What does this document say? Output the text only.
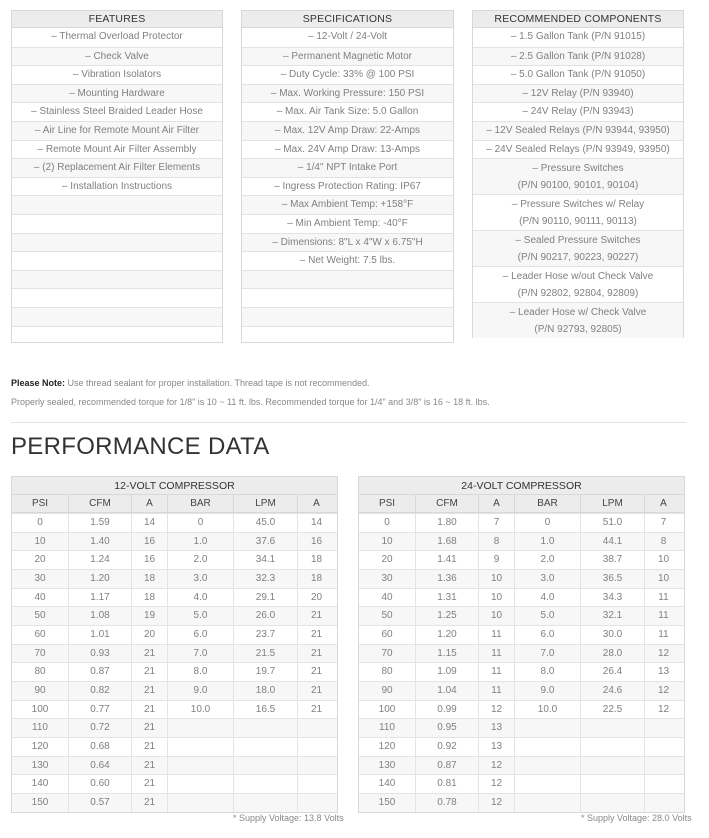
FEATURES
– Thermal Overload Protector
– Check Valve
– Vibration Isolators
– Mounting Hardware
– Stainless Steel Braided Leader Hose
– Air Line for Remote Mount Air Filter
– Remote Mount Air Filter Assembly
– (2) Replacement Air Filter Elements
– Installation Instructions
SPECIFICATIONS
– 12-Volt / 24-Volt
– Permanent Magnetic Motor
– Duty Cycle: 33% @ 100 PSI
– Max. Working Pressure: 150 PSI
– Max. Air Tank Size: 5.0 Gallon
– Max. 12V Amp Draw: 22-Amps
– Max. 24V Amp Draw: 13-Amps
– 1/4" NPT Intake Port
– Ingress Protection Rating: IP67
– Max Ambient Temp: +158°F
– Min Ambient Temp: -40°F
– Dimensions: 8"L x 4"W x 6.75"H
– Net Weight: 7.5 lbs.
RECOMMENDED COMPONENTS
– 1.5 Gallon Tank (P/N 91015)
– 2.5 Gallon Tank (P/N 91028)
– 5.0 Gallon Tank (P/N 91050)
– 12V Relay (P/N 93940)
– 24V Relay (P/N 93943)
– 12V Sealed Relays (P/N 93944, 93950)
– 24V Sealed Relays (P/N 93949, 93950)
– Pressure Switches
(P/N 90100, 90101, 90104)
– Pressure Switches w/ Relay
(P/N 90110, 90111, 90113)
– Sealed Pressure Switches
(P/N 90217, 90223, 90227)
– Leader Hose w/out Check Valve
(P/N 92802, 92804, 92809)
– Leader Hose w/ Check Valve
(P/N 92793, 92805)
Please Note: Use thread sealant for proper installation. Thread tape is not recommended.
Properly sealed, recommended torque for 1/8" is 10 ~ 11 ft. lbs. Recommended torque for 1/4" and 3/8" is 16 ~ 18 ft. lbs.
PERFORMANCE DATA
12-VOLT COMPRESSOR
PSI	CFM	A	BAR	LPM	A
0	1.59	14	0	45.0	14
10	1.40	16	1.0	37.6	16
20	1.24	16	2.0	34.1	18
30	1.20	18	3.0	32.3	18
40	1.17	18	4.0	29.1	20
50	1.08	19	5.0	26.0	21
60	1.01	20	6.0	23.7	21
70	0.93	21	7.0	21.5	21
80	0.87	21	8.0	19.7	21
90	0.82	21	9.0	18.0	21
100	0.77	21	10.0	16.5	21
110	0.72	21
120	0.68	21
130	0.64	21
140	0.60	21
150	0.57	21
* Supply Voltage: 13.8 Volts
24-VOLT COMPRESSOR
PSI	CFM	A	BAR	LPM	A
0	1.80	7	0	51.0	7
10	1.68	8	1.0	44.1	8
20	1.41	9	2.0	38.7	10
30	1.36	10	3.0	36.5	10
40	1.31	10	4.0	34.3	11
50	1.25	10	5.0	32.1	11
60	1.20	11	6.0	30.0	11
70	1.15	11	7.0	28.0	12
80	1.09	11	8.0	26.4	13
90	1.04	11	9.0	24.6	12
100	0.99	12	10.0	22.5	12
110	0.95	13
120	0.92	13
130	0.87	12
140	0.81	12
150	0.78	12
* Supply Voltage: 28.0 Volts
